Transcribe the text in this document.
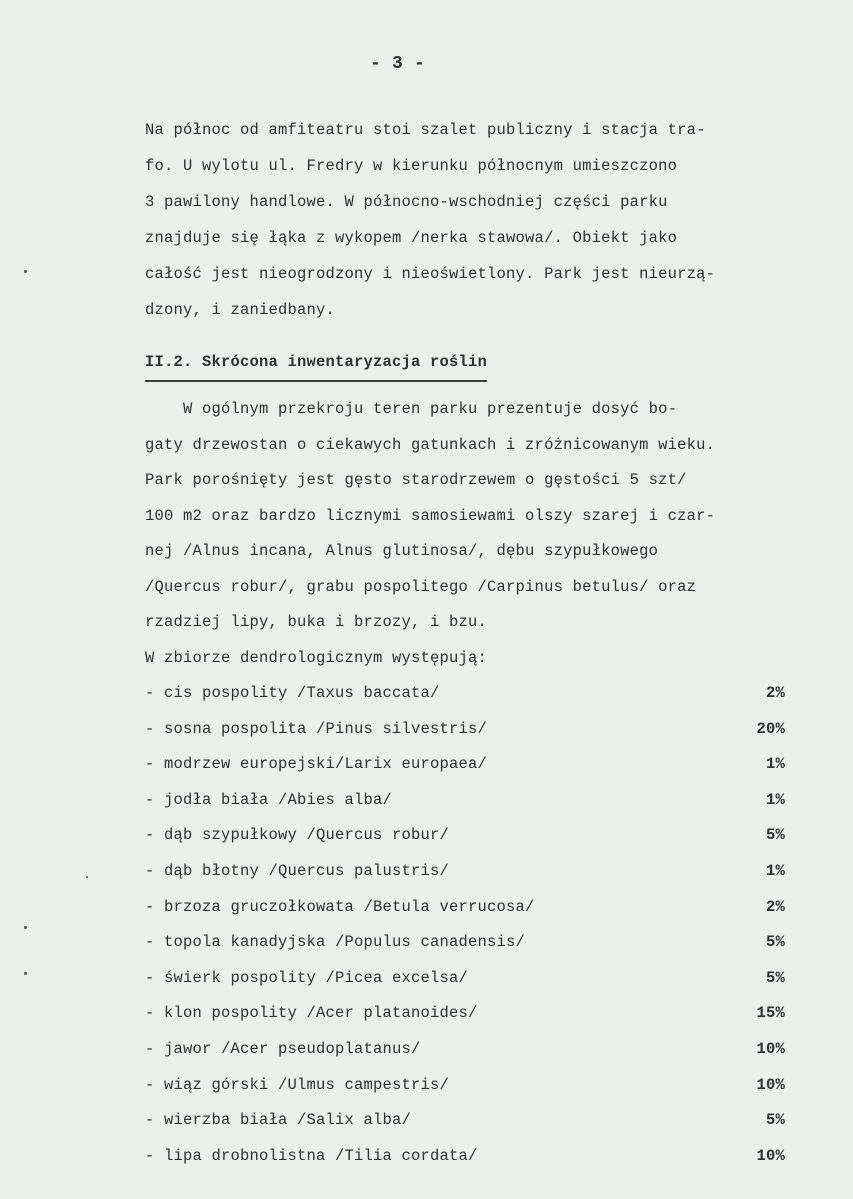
- 3 -
Na północ od amfiteatru stoi szalet publiczny i stacja tra-
fo. U wylotu ul. Fredry w kierunku północnym umieszczono
3 pawilony handlowe. W północno-wschodniej części parku
znajduje się łąka z wykopem /nerka stawowa/. Obiekt jako
całość jest nieogrodzony i nieoświetlony. Park jest nieurzą-
dzony, i zaniedbany.
II.2. Skrócona inwentaryzacja roślin
W ogólnym przekroju teren parku prezentuje dosyć bo-
gaty drzewostan o ciekawych gatunkach i zróżnicowanym wieku.
Park porośnięty jest gęsto starodrzewem o gęstości 5 szt/
100 m2 oraz bardzo licznymi samosiewami olszy szarej i czar-
nej /Alnus incana, Alnus glutinosa/, dębu szypułkowego
/Quercus robur/, grabu pospolitego /Carpinus betulus/ oraz
rzadziej lipy, buka i brzozy, i bzu.
W zbiorze dendrologicznym występują:
- cis pospolity /Taxus baccata/	2%
- sosna pospolita /Pinus silvestris/	20%
- modrzew europejski/Larix europaea/	1%
- jodła biała /Abies alba/	1%
- dąb szypułkowy /Quercus robur/	5%
- dąb błotny /Quercus palustris/	1%
- brzoza gruczołkowata /Betula verrucosa/	2%
- topola kanadyjska /Populus canadensis/	5%
- świerk pospolity /Picea excelsa/	5%
- klon pospolity /Acer platanoides/	15%
- jawor /Acer pseudoplatanus/	10%
- wiąz górski /Ulmus campestris/	10%
- wierzba biała /Salix alba/	5%
- lipa drobnolistna /Tilia cordata/	10%
